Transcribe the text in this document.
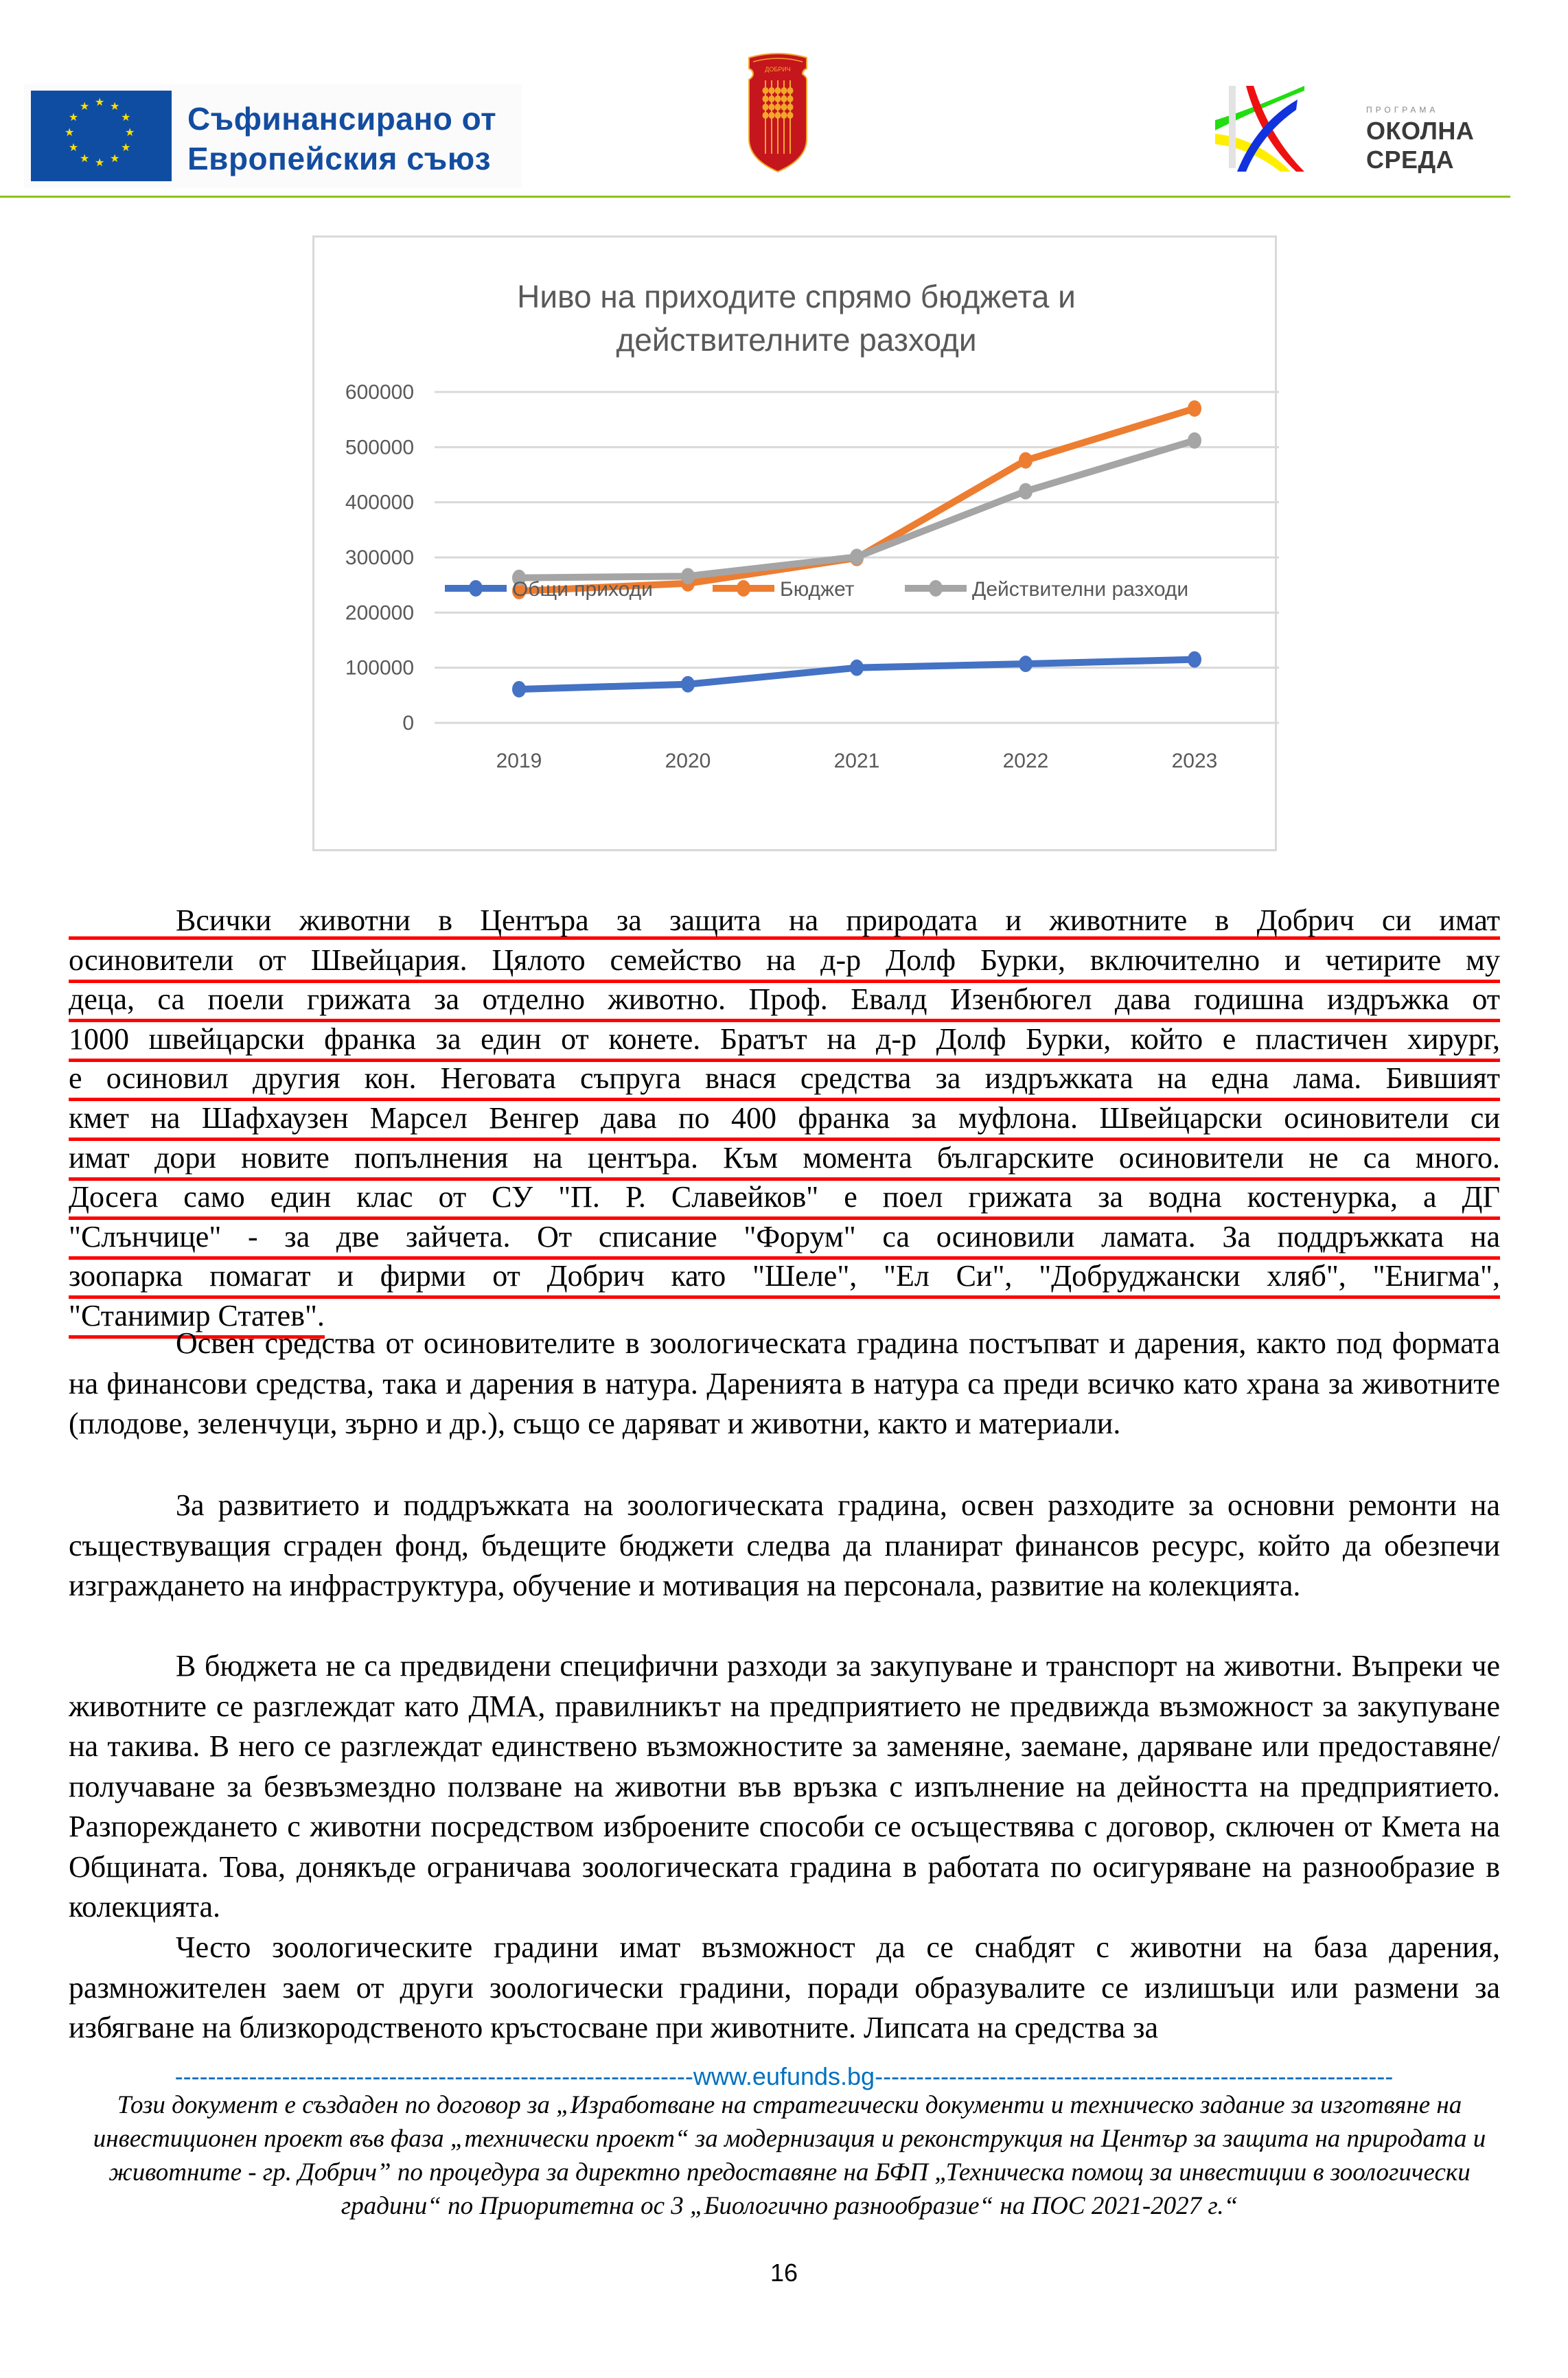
★ ★
★
★
★
★
★
★
★
★
★
★	Съфинансирано от
Европейския съюз
ДОБРИЧ
ПРОГРАМА
ОКОЛНА СРЕДА
Ниво на приходите спрямо бюджета и
действителните разходи
0
100000
200000
300000
400000
500000
600000
2019	2020	2021	2022	2023
Общи приходи	Бюджет	Действителни разходи
Всички животни в Центъра за защита на природата и животните в Добрич си имат
осиновители от Швейцария. Цялото семейство на д-р Долф Бурки, включително и четирите му
деца, са поели грижата за отделно животно. Проф. Евалд Изенбюгел дава годишна издръжка от
1000 швейцарски франка за един от конете. Братът на д-р Долф Бурки, който е пластичен хирург,
е осиновил другия кон. Неговата съпруга внася средства за издръжката на една лама. Бившият
кмет на Шафхаузен Марсел Венгер дава по 400 франка за муфлона. Швейцарски осиновители си
имат дори новите попълнения на центъра. Към момента българските осиновители не са много.
Досега само един клас от СУ "П. Р. Славейков" е поел грижата за водна костенурка, а ДГ
"Слънчице" - за две зайчета. От списание "Форум" са осиновили ламата. За поддръжката на
зоопарка помагат и фирми от Добрич като "Шеле", "Ел Си", "Добруджански хляб", "Енигма",
"Станимир Статев".
Освен средства от осиновителите в зоологическата градина постъпват и дарения, както под формата на финансови средства, така и дарения в натура. Даренията в натура са преди всичко като храна за животните (плодове, зеленчуци, зърно и др.), също се даряват и животни, както и материали.
За развитието и поддръжката на зоологическата градина, освен разходите за основни ремонти на съществуващия сграден фонд, бъдещите бюджети следва да планират финансов ресурс, който да обезпечи изграждането на инфраструктура, обучение и мотивация на персонала, развитие на колекцията.
В бюджета не са предвидени специфични разходи за закупуване и транспорт на животни. Въпреки че животните се разглеждат като ДМА, правилникът на предприятието не предвижда възможност за закупуване на такива. В него се разглеждат единствено възможностите за заменяне, заемане, даряване или предоставяне/получаване за безвъзмездно ползване на животни във връзка с изпълнение на дейността на предприятието. Разпореждането с животни посредством изброените способи се осъществява с договор, сключен от Кмета на Общината. Това, донякъде ограничава зоологическата градина в работата по осигуряване на разнообразие в колекцията.
Често зоологическите градини имат възможност да се снабдят с животни на база дарения, размножителен заем от други зоологически градини, поради образувалите се излишъци или размени за избягване на близкородственото кръстосване при животните. Липсата на средства за
---------------------------------------------------------------www.eufunds.bg---------------------------------------------------------------
Този документ е създаден по договор за „Изработване на стратегически документи и техническо задание за изготвяне на инвестиционен проект във фаза „технически проект“ за модернизация и реконструкция на Център за защита на природата и животните - гр. Добрич” по процедура за директно предоставяне на БФП „Техническа помощ за инвестиции в зоологически градини“ по Приоритетна ос 3 „Биологично разнообразие“ на ПОС 2021-2027 г.“
16
